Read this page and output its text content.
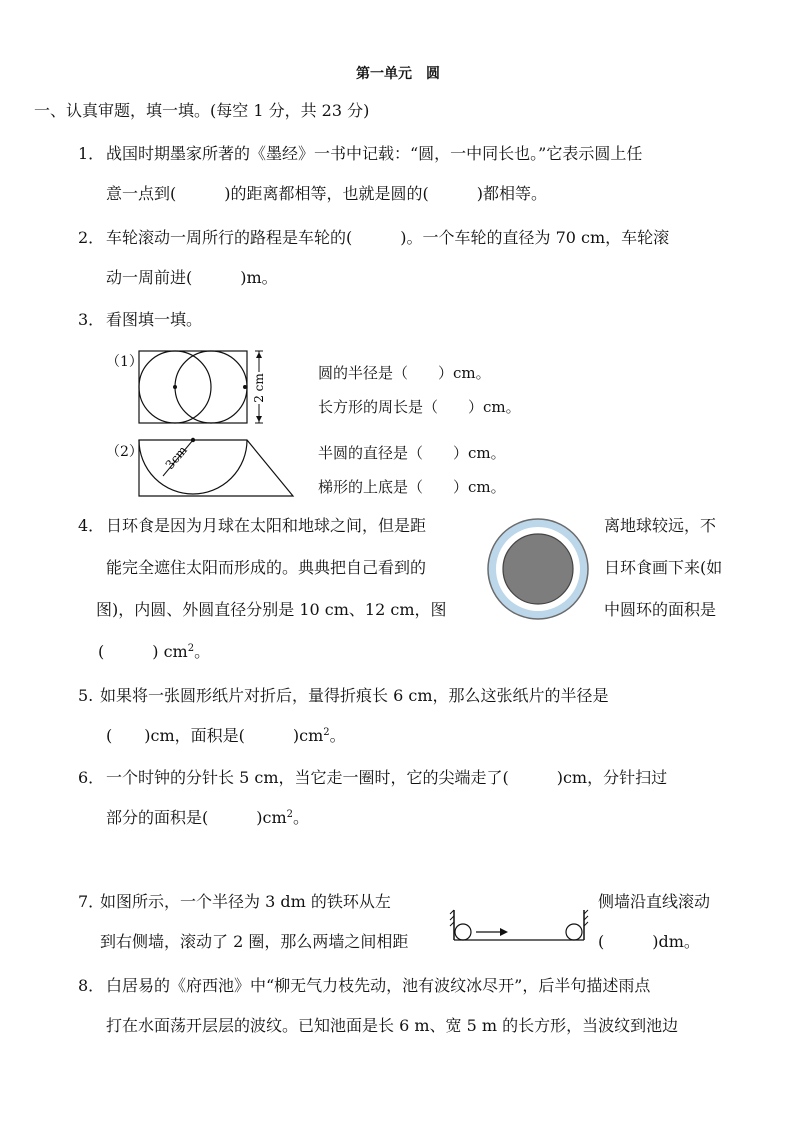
第一单元　圆
一、认真审题，填一填。(每空 1 分，共 23 分)
1． 战国时期墨家所著的《墨经》一书中记载：“圆，一中同长也。”它表示圆上任
意一点到(　　　)的距离都相等，也就是圆的(　　　)都相等。
2． 车轮滚动一周所行的路程是车轮的(　　　)。一个车轮的直径为 70 cm，车轮滚
动一周前进(　　　)m。
3． 看图填一填。
（1）
2 cm
圆的半径是（　　）cm。
长方形的周长是（　　）cm。
（2） 3cm	半圆的直径是（　　）cm。
梯形的上底是（　　）cm。
4． 日环食是因为月球在太阳和地球之间，但是距	离地球较远，不
能完全遮住太阳而形成的。典典把自己看到的	日环食画下来(如
图)，内圆、外圆直径分别是 10 cm、12 cm，图	中圆环的面积是
(　　　) $cm^2$。
5. 如果将一张圆形纸片对折后，量得折痕长 6 cm，那么这张纸片的半径是
(　　)cm，面积是(　　　)$cm^2$。
6． 一个时钟的分针长 5 cm，当它走一圈时，它的尖端走了(　　　)cm，分针扫过
部分的面积是(　　　)$cm^2$。
7．
如图所示，一个半径为 3 dm 的铁环从左	侧墙沿直线滚动
到右侧墙，滚动了 2 圈，那么两墙之间相距	(　　　)dm。
8． 白居易的《府西池》中“柳无气力枝先动，池有波纹冰尽开”，后半句描述雨点
打在水面荡开层层的波纹。已知池面是长 6 m、宽 5 m 的长方形，当波纹到池边
